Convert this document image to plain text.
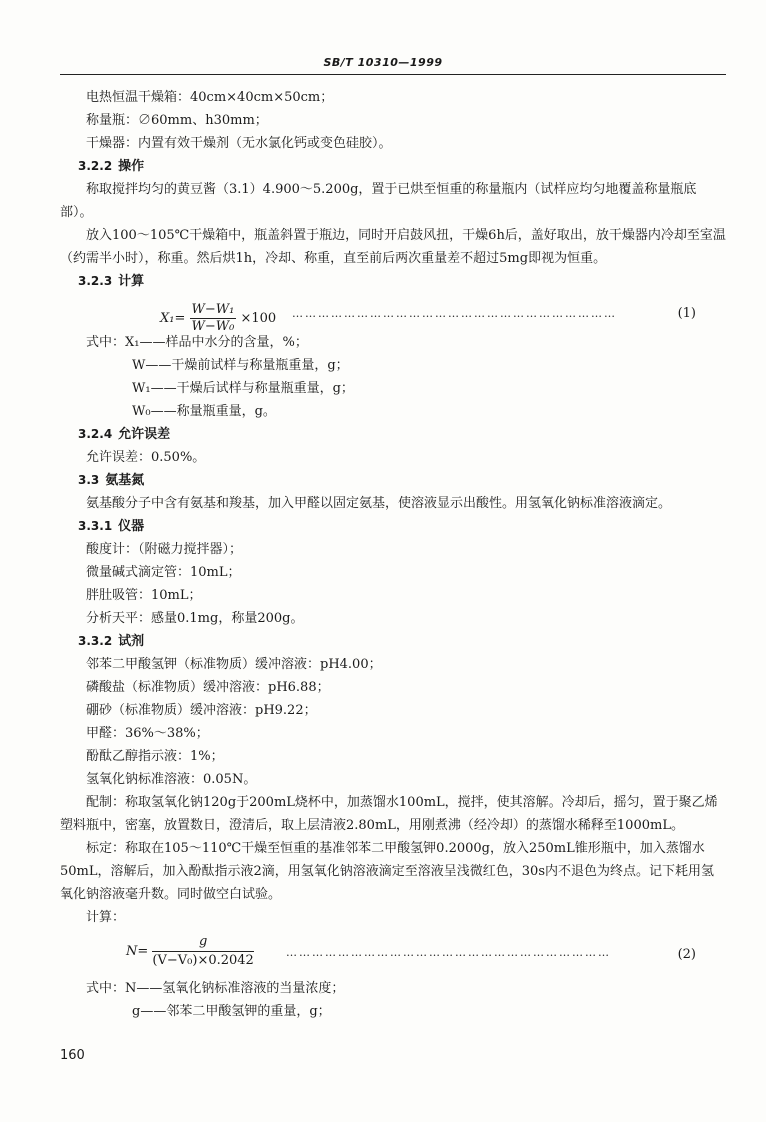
SB/T 10310—1999

电热恒温干燥箱：40cm×40cm×50cm；

称量瓶：∅60mm、h30mm；

干燥器：内置有效干燥剂（无水氯化钙或变色硅胶）。

3.2.2 操作

称取搅拌均匀的黄豆酱（3.1）4.900～5.200g，置于已烘至恒重的称量瓶内（试样应均匀地覆盖称量瓶底部）。

放入100～105℃干燥箱中，瓶盖斜置于瓶边，同时开启鼓风扭，干燥6h后，盖好取出，放干燥器内冷却至室温（约需半小时），称重。然后烘1h，冷却、称重，直至前后两次重量差不超过5mg即视为恒重。

3.2.3 计算

$X_1= \frac{\text{W−W₁}}{\text{W−W₀}} \times 100$ …………………………………………………………………	(1)

式中：X₁——样品中水分的含量，%；

W——干燥前试样与称量瓶重量，g；

W₁——干燥后试样与称量瓶重量，g；

W₀——称量瓶重量，g。

3.2.4 允许误差

允许误差：0.50%。

3.3 氨基氮

氨基酸分子中含有氨基和羧基，加入甲醛以固定氨基，使溶液显示出酸性。用氢氧化钠标准溶液滴定。

3.3.1 仪器

酸度计：（附磁力搅拌器）；

微量碱式滴定管：10mL；

胖肚吸管：10mL；

分析天平：感量0.1mg，称量200g。

3.3.2 试剂

邻苯二甲酸氢钾（标准物质）缓冲溶液：pH4.00；

磷酸盐（标准物质）缓冲溶液：pH6.88；

硼砂（标准物质）缓冲溶液：pH9.22；

甲醛：36%～38%；

酚酞乙醇指示液：1%；

氢氧化钠标准溶液：0.05N。

配制：称取氢氧化钠120g于200mL烧杯中，加蒸馏水100mL，搅拌，使其溶解。冷却后，摇匀，置于聚乙烯塑料瓶中，密塞，放置数日，澄清后，取上层清液2.80mL，用刚煮沸（经冷却）的蒸馏水稀释至1000mL。

标定：称取在105～110℃干燥至恒重的基准邻苯二甲酸氢钾0.2000g，放入250mL锥形瓶中，加入蒸馏水50mL，溶解后，加入酚酞指示液2滴，用氢氧化钠溶液滴定至溶液呈浅微红色，30s内不退色为终点。记下耗用氢氧化钠溶液毫升数。同时做空白试验。

计算：

$N= \frac{g}{\text{(V−V₀)×0.2042}}$	…………………………………………………………………	(2)

式中：N——氢氧化钠标准溶液的当量浓度；

g——邻苯二甲酸氢钾的重量，g；

160
